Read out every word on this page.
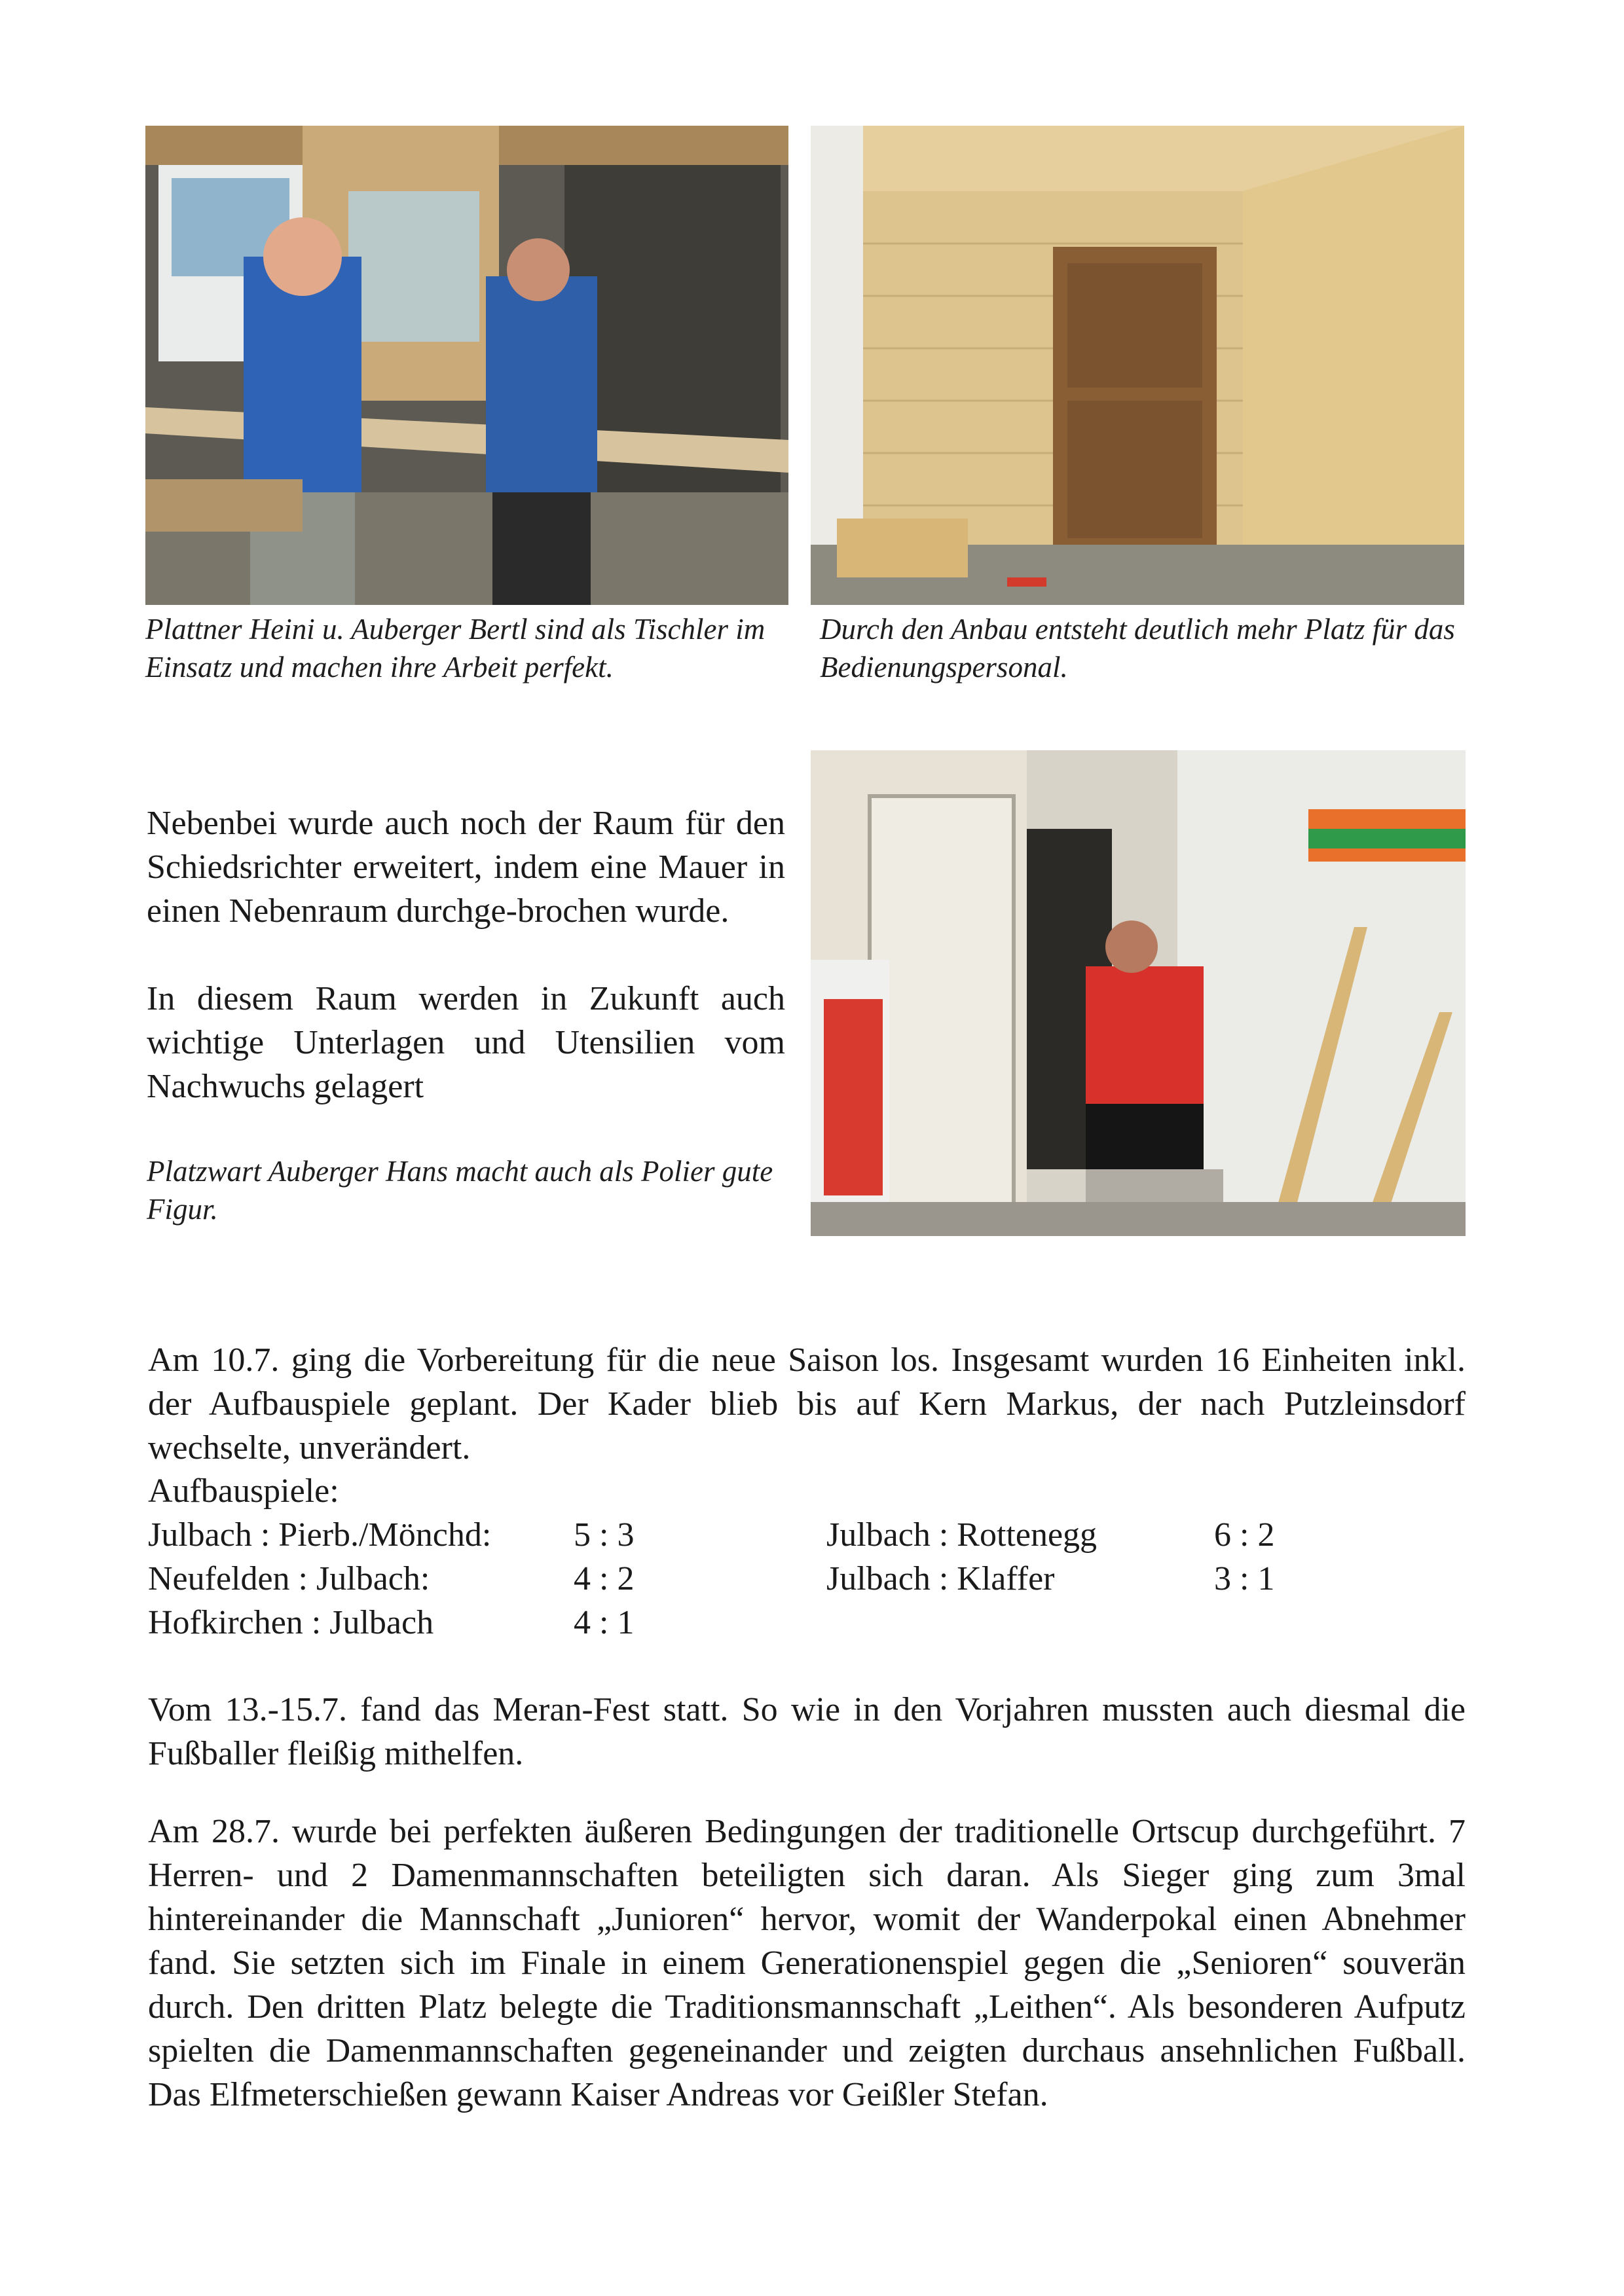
Plattner Heini u. Auberger Bertl sind als Tischler im Einsatz und machen ihre Arbeit perfekt.
Durch den Anbau entsteht deutlich mehr Platz für das Bedienungspersonal.
Nebenbei wurde auch noch der Raum für den Schiedsrichter erweitert, indem eine Mauer in einen Nebenraum durchge-brochen wurde.
In diesem Raum werden in Zukunft auch wichtige Unterlagen und Utensilien vom Nachwuchs gelagert
Platzwart Auberger Hans macht auch als Polier gute Figur.
Am 10.7. ging die Vorbereitung für die neue Saison los. Insgesamt wurden 16 Einheiten inkl. der Aufbauspiele geplant. Der Kader blieb bis auf Kern Markus, der nach Putzleinsdorf wechselte, unverändert.
Aufbauspiele:
Julbach : Pierb./Mönchd: 5 : 3	Julbach : Rottenegg	6 : 2
Neufelden : Julbach:	4 : 2	Julbach : Klaffer	3 : 1
Hofkirchen : Julbach	4 : 1
Vom 13.-15.7. fand das Meran-Fest statt. So wie in den Vorjahren mussten auch diesmal die Fußballer fleißig mithelfen.
Am 28.7. wurde bei perfekten äußeren Bedingungen der traditionelle Ortscup durchgeführt. 7 Herren- und 2 Damenmannschaften beteiligten sich daran. Als Sieger ging zum 3mal hintereinander die Mannschaft „Junioren“ hervor, womit der Wanderpokal einen Abnehmer fand. Sie setzten sich im Finale in einem Generationenspiel gegen die „Senioren“ souverän durch. Den dritten Platz belegte die Traditionsmannschaft „Leithen“. Als besonderen Aufputz spielten die Damenmannschaften gegeneinander und zeigten durchaus ansehnlichen Fußball. Das Elfmeterschießen gewann Kaiser Andreas vor Geißler Stefan.
